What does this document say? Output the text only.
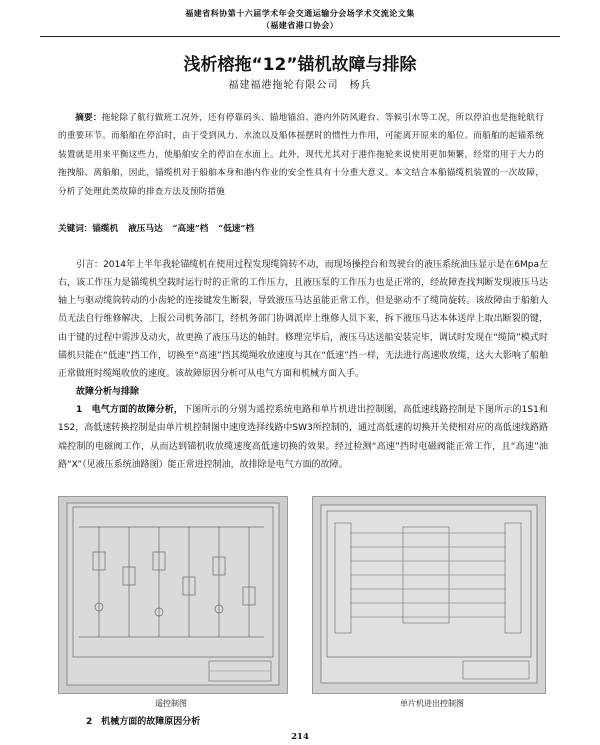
福建省科协第十六届学术年会交通运输分会场学术交流论文集
（福建省港口协会）
浅析榕拖“12”锚机故障与排除
福建福港拖轮有限公司　杨兵
摘要：拖轮除了航行做班工况外，还有停靠码头、锚地锚泊、港内外防风避台、等候引水等工况，所以停泊也是拖轮航行的重要环节。而船舶在停泊时，由于受到风力、水流以及船体摇摆时的惯性力作用，可能离开原来的船位。而船舶的起锚系统装置就是用来平衡这些力，使船舶安全的停泊在水面上。此外，现代尤其对于港作拖轮来说使用更加频繁，经常的用于大力的拖拽船、离船舶，因此，锚缆机对于船舶本身和港内作业的安全性具有十分重大意义。本文结合本船锚缆机装置的一次故障，分析了处理此类故障的排查方法及预防措施
关键词：锚缆机 液压马达 “高速”档 “低速”档

引言：2014年上半年我轮锚缆机在使用过程发现缆筒转不动，而现场操控台和驾驶台的液压系统油压显示是在6Mpa左右，该工作压力是锚缆机空载时运行时的正常的工作压力，且液压泵的工作压力也是正常的，经故障查找判断发现液压马达轴上与驱动缆筒转动的小齿轮的连接键发生断裂，导致液压马达虽能正常工作，但是驱动不了缆筒旋转。该故障由于船舶人员无法自行维修解决，上报公司机务部门，经机务部门协调派岸上维修人员下来，拆下液压马达本体送岸上取出断裂的键，由于键的过程中需涉及动火，故更换了液压马达的轴封。修理完毕后，液压马达送船安装完毕，调试时发现在“缆筒”模式时锚机只能在“低速”挡工作，切换至“高速”挡其缆绳收放速度与其在“低速”挡一样，无法进行高速收放缆，这大大影响了船舶正常做班时缆绳收放的速度。该故障原因分析可从电气方面和机械方面入手。

故障分析与排除

1　电气方面的故障分析，下图所示的分别为遥控系统电路和单片机进出控制图，高低速线路控制是下图所示的1S1和1S2，高低速转换控制是由单片机控制图中速度选择线路中SW3所控制的，通过高低速的切换开关使相对应的高低速线路路端控制的电磁阀工作，从而达到锚机收放缆速度高低速切换的效果。经过检测“高速”挡时电磁阀能正常工作，且“高速”油路“X”（见液压系统油路图）能正常进控制油，故排除是电气方面的故障。

遥控制图	单片机进出控制图
2　机械方面的故障原因分析
214
